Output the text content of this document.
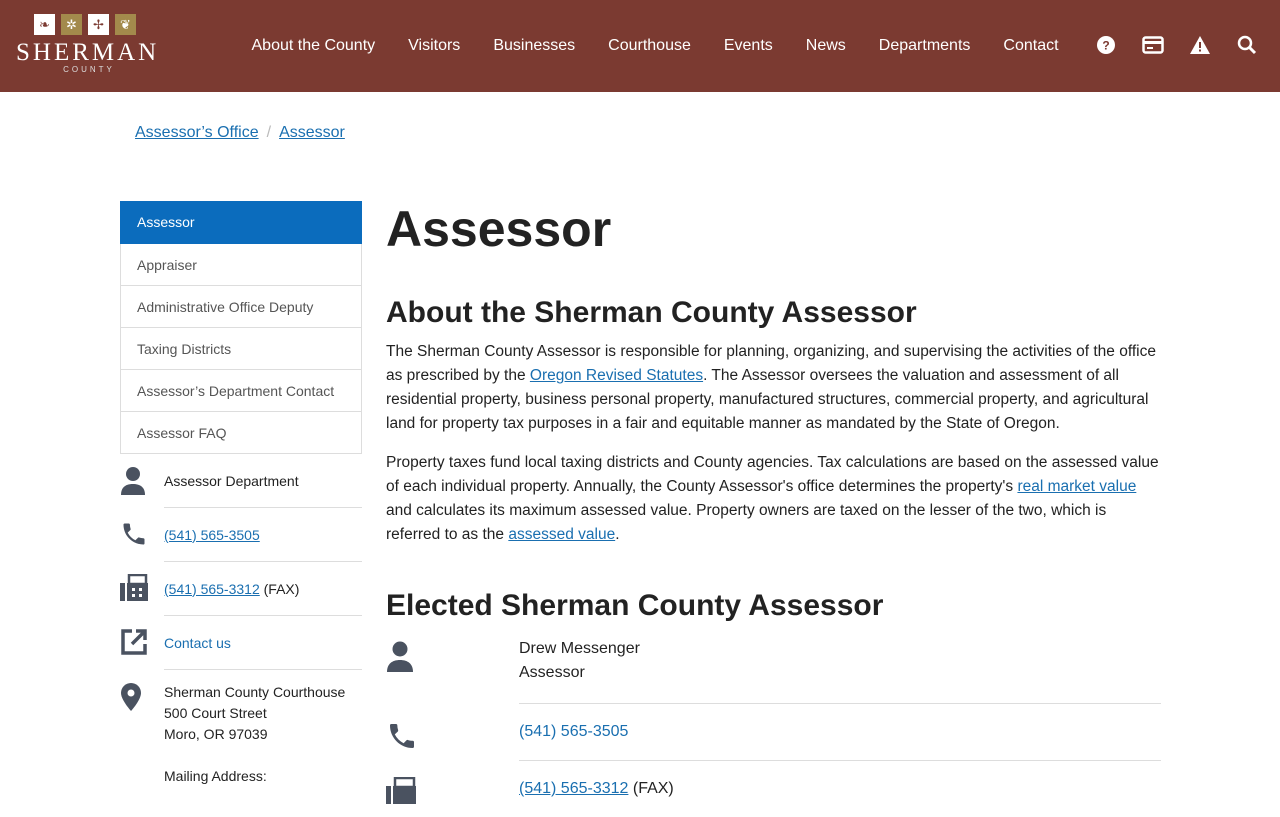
❧	✲	✢	❦
SHERMAN
COUNTY
About the County	Visitors	Businesses	Courthouse	Events	News	Departments	Contact	?
Assessor’s Office / Assessor
Assessor
Appraiser
Administrative Office Deputy
Taxing Districts
Assessor’s Department Contact
Assessor FAQ
Assessor Department
(541) 565-3505
(541) 565-3312 (FAX)
Contact us
Sherman County Courthouse
500 Court Street
Moro, OR 97039

Mailing Address:
Assessor
About the Sherman County Assessor

The Sherman County Assessor is responsible for planning, organizing, and supervising the activities of the office as prescribed by the Oregon Revised Statutes. The Assessor oversees the valuation and assessment of all residential property, business personal property, manufactured structures, commercial property, and agricultural land for property tax purposes in a fair and equitable manner as mandated by the State of Oregon.

Property taxes fund local taxing districts and County agencies. Tax calculations are based on the assessed value of each individual property. Annually, the County Assessor's office determines the property's real market value and calculates its maximum assessed value. Property owners are taxed on the lesser of the two, which is referred to as the assessed value.

Elected Sherman County Assessor
Drew Messenger
Assessor
(541) 565-3505
(541) 565-3312 (FAX)
